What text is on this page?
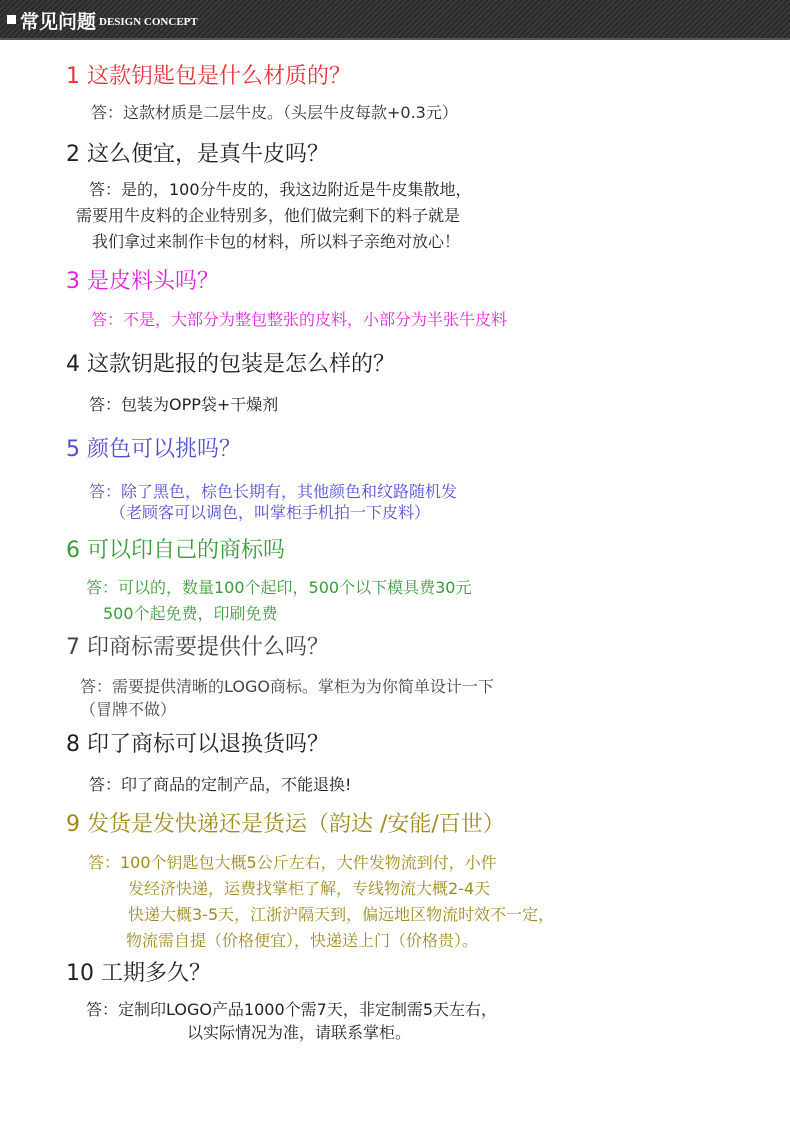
常见问题 DESIGN CONCEPT
1 这款钥匙包是什么材质的？
答：这款材质是二层牛皮。（头层牛皮每款+0.3元）
2 这么便宜，是真牛皮吗？
答：是的，100分牛皮的，我这边附近是牛皮集散地，
需要用牛皮料的企业特别多，他们做完剩下的料子就是
我们拿过来制作卡包的材料，所以料子亲绝对放心！
3 是皮料头吗？
答：不是，大部分为整包整张的皮料，小部分为半张牛皮料
4 这款钥匙报的包装是怎么样的？
答：包装为OPP袋+干燥剂
5 颜色可以挑吗？
答：除了黑色，棕色长期有，其他颜色和纹路随机发
（老顾客可以调色，叫掌柜手机拍一下皮料）
6 可以印自己的商标吗
答：可以的，数量100个起印，500个以下模具费30元
500个起免费，印刷免费
7 印商标需要提供什么吗？
答：需要提供清晰的LOGO商标。掌柜为为你简单设计一下
（冒牌不做）
8 印了商标可以退换货吗？
答：印了商品的定制产品，不能退换!
9 发货是发快递还是货运（韵达 /安能/百世）
答：100个钥匙包大概5公斤左右，大件发物流到付，小件
发经济快递，运费找掌柜了解，专线物流大概2-4天
快递大概3-5天，江浙沪隔天到，偏远地区物流时效不一定，
物流需自提（价格便宜），快递送上门（价格贵）。
10 工期多久？
答：定制印LOGO产品1000个需7天，非定制需5天左右，
以实际情况为准，请联系掌柜。
